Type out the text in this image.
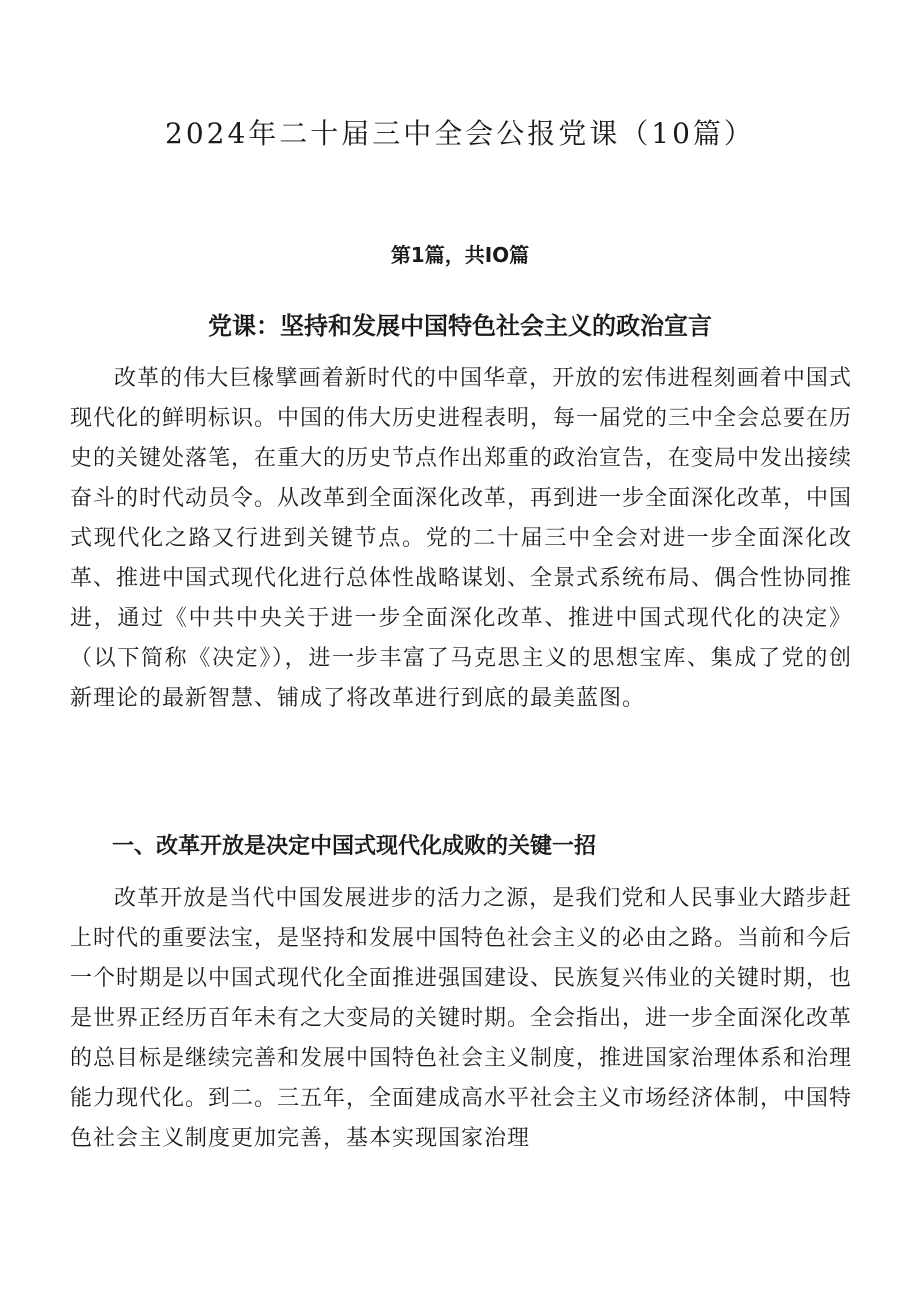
2024年二十届三中全会公报党课（10篇）
第1篇，共IO篇
党课：坚持和发展中国特色社会主义的政治宣言

改革的伟大巨椽擘画着新时代的中国华章，开放的宏伟进程刻画着中国式现代化的鲜明标识。中国的伟大历史进程表明，每一届党的三中全会总要在历史的关键处落笔，在重大的历史节点作出郑重的政治宣告，在变局中发出接续奋斗的时代动员令。从改革到全面深化改革，再到进一步全面深化改革，中国式现代化之路又行进到关键节点。党的二十届三中全会对进一步全面深化改革、推进中国式现代化进行总体性战略谋划、全景式系统布局、偶合性协同推进，通过《中共中央关于进一步全面深化改革、推进中国式现代化的决定》（以下简称《决定》），进一步丰富了马克思主义的思想宝库、集成了党的创新理论的最新智慧、铺成了将改革进行到底的最美蓝图。

一、改革开放是决定中国式现代化成败的关键一招

改革开放是当代中国发展进步的活力之源，是我们党和人民事业大踏步赶上时代的重要法宝，是坚持和发展中国特色社会主义的必由之路。当前和今后一个时期是以中国式现代化全面推进强国建设、民族复兴伟业的关键时期，也是世界正经历百年未有之大变局的关键时期。全会指出，进一步全面深化改革的总目标是继续完善和发展中国特色社会主义制度，推进国家治理体系和治理能力现代化。到二。三五年，全面建成高水平社会主义市场经济体制，中国特色社会主义制度更加完善，基本实现国家治理
